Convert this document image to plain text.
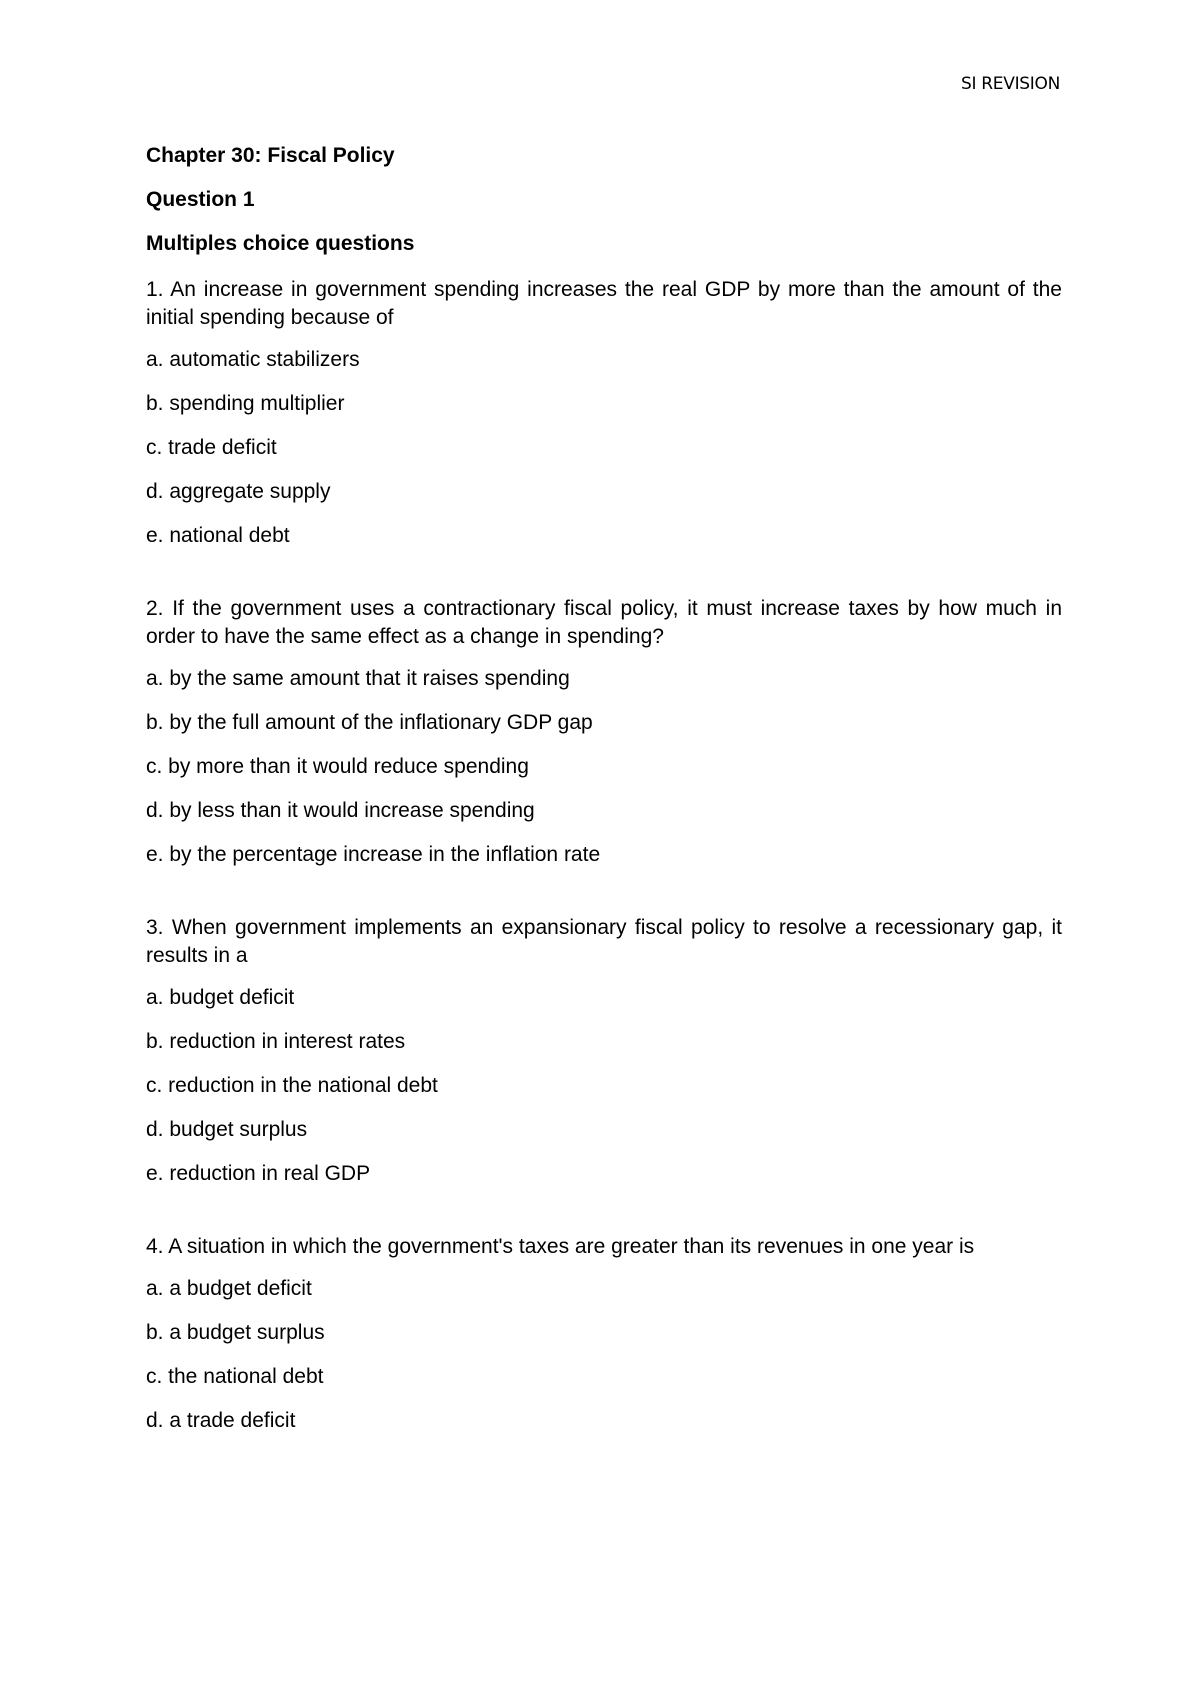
SI REVISION
Chapter 30: Fiscal Policy
Question 1
Multiples choice questions
1. An increase in government spending increases the real GDP by more than the amount of the initial spending because of
a. automatic stabilizers
b. spending multiplier
c. trade deficit
d. aggregate supply
e. national debt
2. If the government uses a contractionary fiscal policy, it must increase taxes by how much in order to have the same effect as a change in spending?
a. by the same amount that it raises spending
b. by the full amount of the inflationary GDP gap
c. by more than it would reduce spending
d. by less than it would increase spending
e. by the percentage increase in the inflation rate
3. When government implements an expansionary fiscal policy to resolve a recessionary gap, it results in a
a. budget deficit
b. reduction in interest rates
c. reduction in the national debt
d. budget surplus
e. reduction in real GDP
4. A situation in which the government's taxes are greater than its revenues in one year is
a. a budget deficit
b. a budget surplus
c. the national debt
d. a trade deficit
